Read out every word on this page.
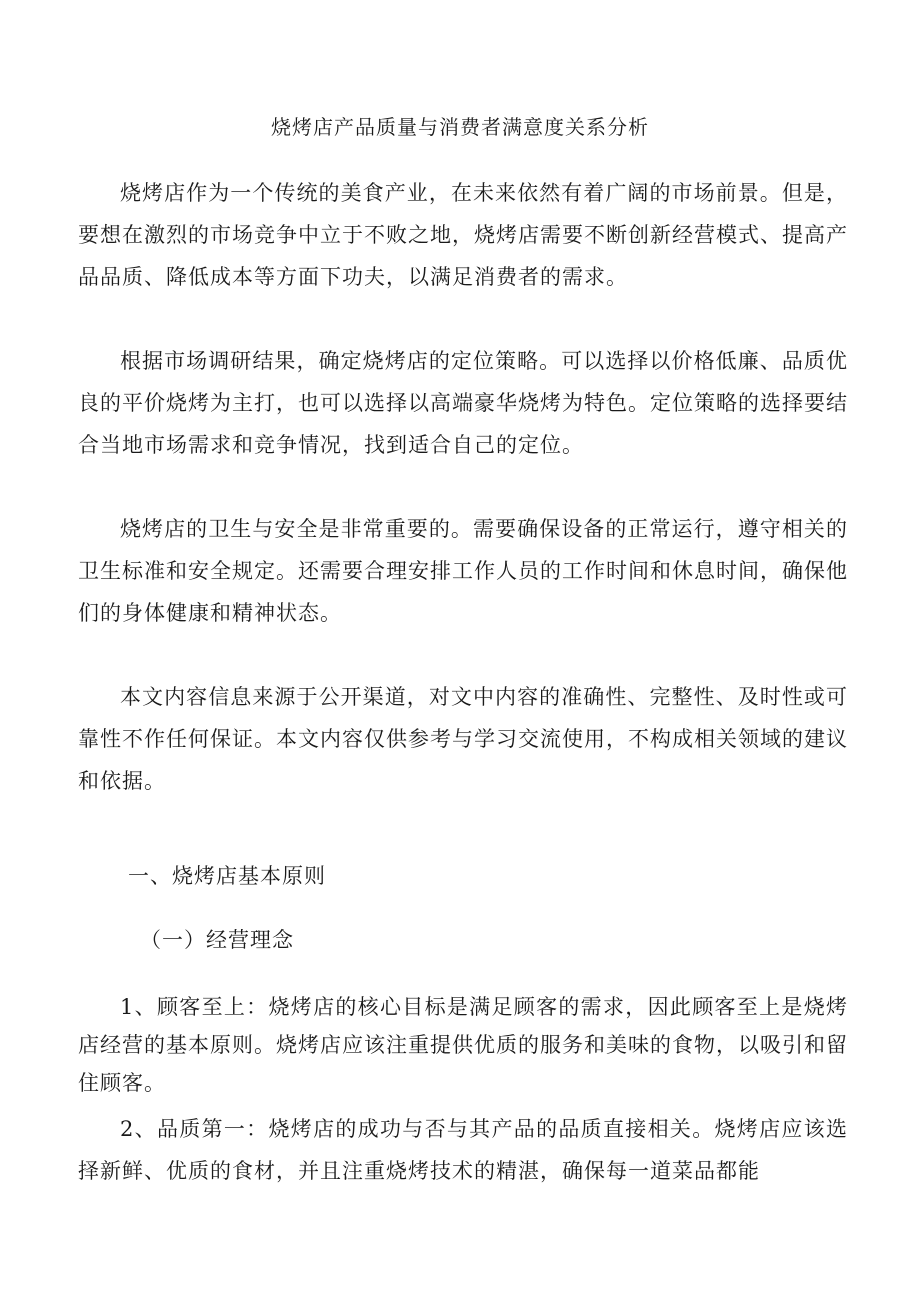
烧烤店产品质量与消费者满意度关系分析

烧烤店作为一个传统的美食产业，在未来依然有着广阔的市场前景。但是，要想在激烈的市场竞争中立于不败之地，烧烤店需要不断创新经营模式、提高产品品质、降低成本等方面下功夫，以满足消费者的需求。

根据市场调研结果，确定烧烤店的定位策略。可以选择以价格低廉、品质优良的平价烧烤为主打，也可以选择以高端豪华烧烤为特色。定位策略的选择要结合当地市场需求和竞争情况，找到适合自己的定位。

烧烤店的卫生与安全是非常重要的。需要确保设备的正常运行，遵守相关的卫生标准和安全规定。还需要合理安排工作人员的工作时间和休息时间，确保他们的身体健康和精神状态。

本文内容信息来源于公开渠道，对文中内容的准确性、完整性、及时性或可靠性不作任何保证。本文内容仅供参考与学习交流使用，不构成相关领域的建议和依据。

一、烧烤店基本原则
（一）经营理念

1、顾客至上：烧烤店的核心目标是满足顾客的需求，因此顾客至上是烧烤店经营的基本原则。烧烤店应该注重提供优质的服务和美味的食物，以吸引和留住顾客。

2、品质第一：烧烤店的成功与否与其产品的品质直接相关。烧烤店应该选择新鲜、优质的食材，并且注重烧烤技术的精湛，确保每一道菜品都能
